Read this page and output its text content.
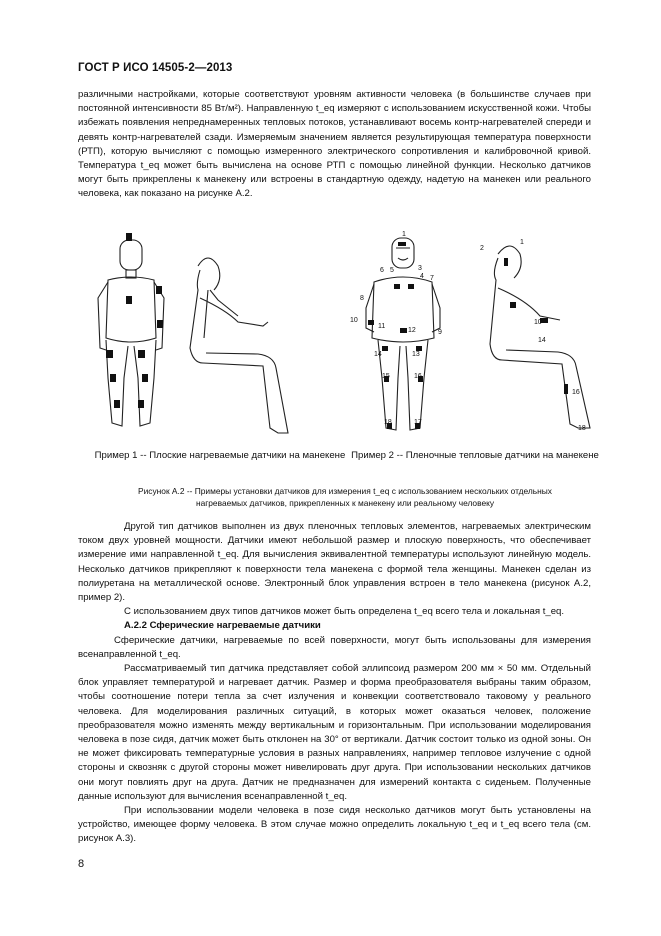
ГОСТ Р ИСО 14505-2—2013

различными настройками, которые соответствуют уровням активности человека (в большинстве случаев при постоянной интенсивности 85 Вт/м²). Направленную t_eq измеряют с использованием искусственной кожи. Чтобы избежать появления непреднамеренных тепловых потоков, устанавливают восемь контр-нагревателей спереди и девять контр-нагревателей сзади. Измеряемым значением является результирующая температура поверхности (РТП), которую вычисляют с помощью измеренного электрического сопротивления и калибровочной кривой. Температура t_eq может быть вычислена на основе РТП с помощью линейной функции. Несколько датчиков могут быть прикреплены к манекену или встроены в стандартную одежду, надетую на манекен или реального человека, как показано на рисунке А.2.

1
6 5	3
4 7
8
9
10
11
12
13
14
15	16
18	17
1
2
10
14
16
18
Пример 1 -- Плоские нагреваемые датчики на манекене Пример 2 -- Пленочные тепловые датчики на манекене
Рисунок А.2 -- Примеры установки датчиков для измерения t_eq с использованием нескольких отдельных
нагреваемых датчиков, прикрепленных к манекену или реальному человеку
Другой тип датчиков выполнен из двух пленочных тепловых элементов, нагреваемых электрическим током двух уровней мощности. Датчики имеют небольшой размер и плоскую поверхность, что обеспечивает измерение ими направленной t_eq. Для вычисления эквивалентной температуры используют линейную модель. Несколько датчиков прикрепляют к поверхности тела манекена с формой тела женщины. Манекен сделан из полиуретана на металлической основе. Электронный блок управления встроен в тело манекена (рисунок А.2, пример 2).
С использованием двух типов датчиков может быть определена t_eq всего тела и локальная t_eq.
А.2.2 Сферические нагреваемые датчики
Сферические датчики, нагреваемые по всей поверхности, могут быть использованы для измерения всенаправленной t_eq.
Рассматриваемый тип датчика представляет собой эллипсоид размером 200 мм × 50 мм. Отдельный блок управляет температурой и нагревает датчик. Размер и форма преобразователя выбраны таким образом, чтобы соотношение потери тепла за счет излучения и конвекции соответствовало таковому у реального человека. Для моделирования различных ситуаций, в которых может оказаться человек, положение преобразователя можно изменять между вертикальным и горизонтальным. При использовании моделирования человека в позе сидя, датчик может быть отклонен на 30° от вертикали. Датчик состоит только из одной зоны. Он не может фиксировать температурные условия в разных направлениях, например тепловое излучение с одной стороны и сквозняк с другой стороны может нивелировать друг друга. При использовании нескольких датчиков они могут повлиять друг на друга. Датчик не предназначен для измерений контакта с сиденьем. Полученные данные используют для вычисления всенаправленной t_eq.
При использовании модели человека в позе сидя несколько датчиков могут быть установлены на устройство, имеющее форму человека. В этом случае можно определить локальную t_eq и t_eq всего тела (см. рисунок А.3).
8
